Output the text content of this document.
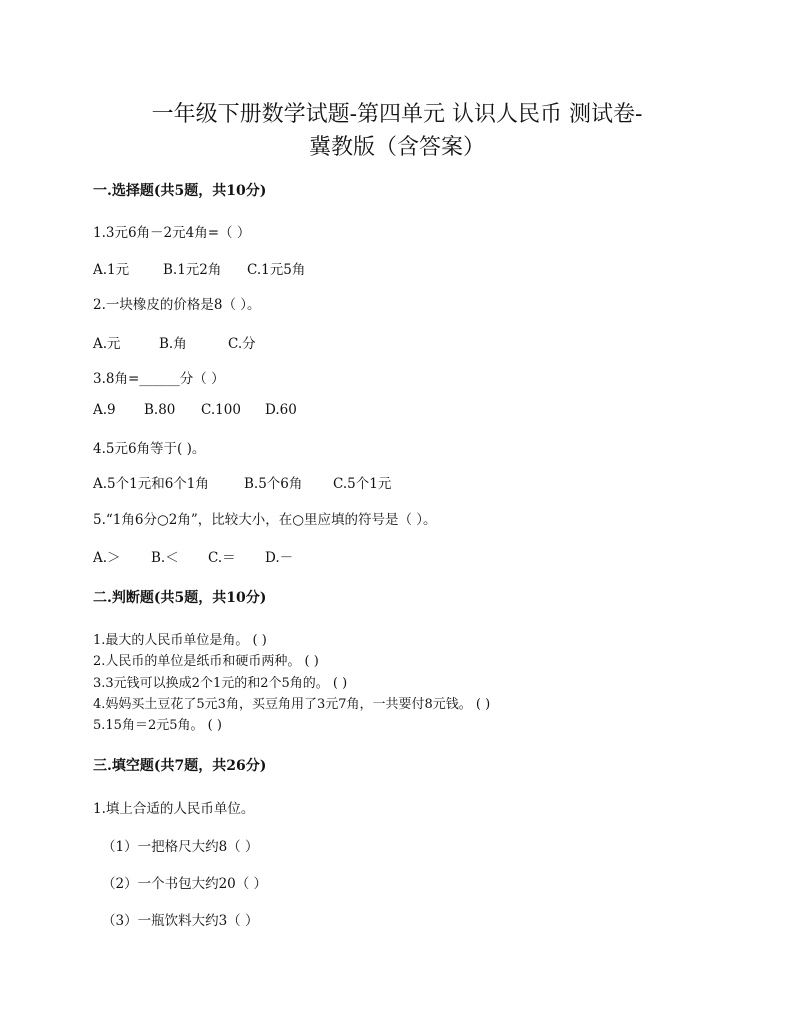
一年级下册数学试题-第四单元 认识人民币 测试卷-
冀教版（含答案）
一.选择题(共5题，共10分)
1.3元6角－2元4角=（ ）
A.1元	B.1元2角 C.1元5角
2.一块橡皮的价格是8（ ）。
A.元	B.角	C.分
3.8角=______分（ ）
A.9 B.80 C.100 D.60
4.5元6角等于( )。
A.5个1元和6个1角	B.5个6角 C.5个1元
5.“1角6分○2角”，比较大小，在○里应填的符号是（ ）。
A.＞ B.＜ C.＝ D.－
二.判断题(共5题，共10分)
1.最大的人民币单位是角。 ( )
2.人民币的单位是纸币和硬币两种。 ( )
3.3元钱可以换成2个1元的和2个5角的。 ( )
4.妈妈买土豆花了5元3角，买豆角用了3元7角，一共要付8元钱。 ( )
5.15角＝2元5角。 ( )
三.填空题(共7题，共26分)
1.填上合适的人民币单位。
（1）一把格尺大约8（ ）
（2）一个书包大约20（ ）
（3）一瓶饮料大约3（ ）
